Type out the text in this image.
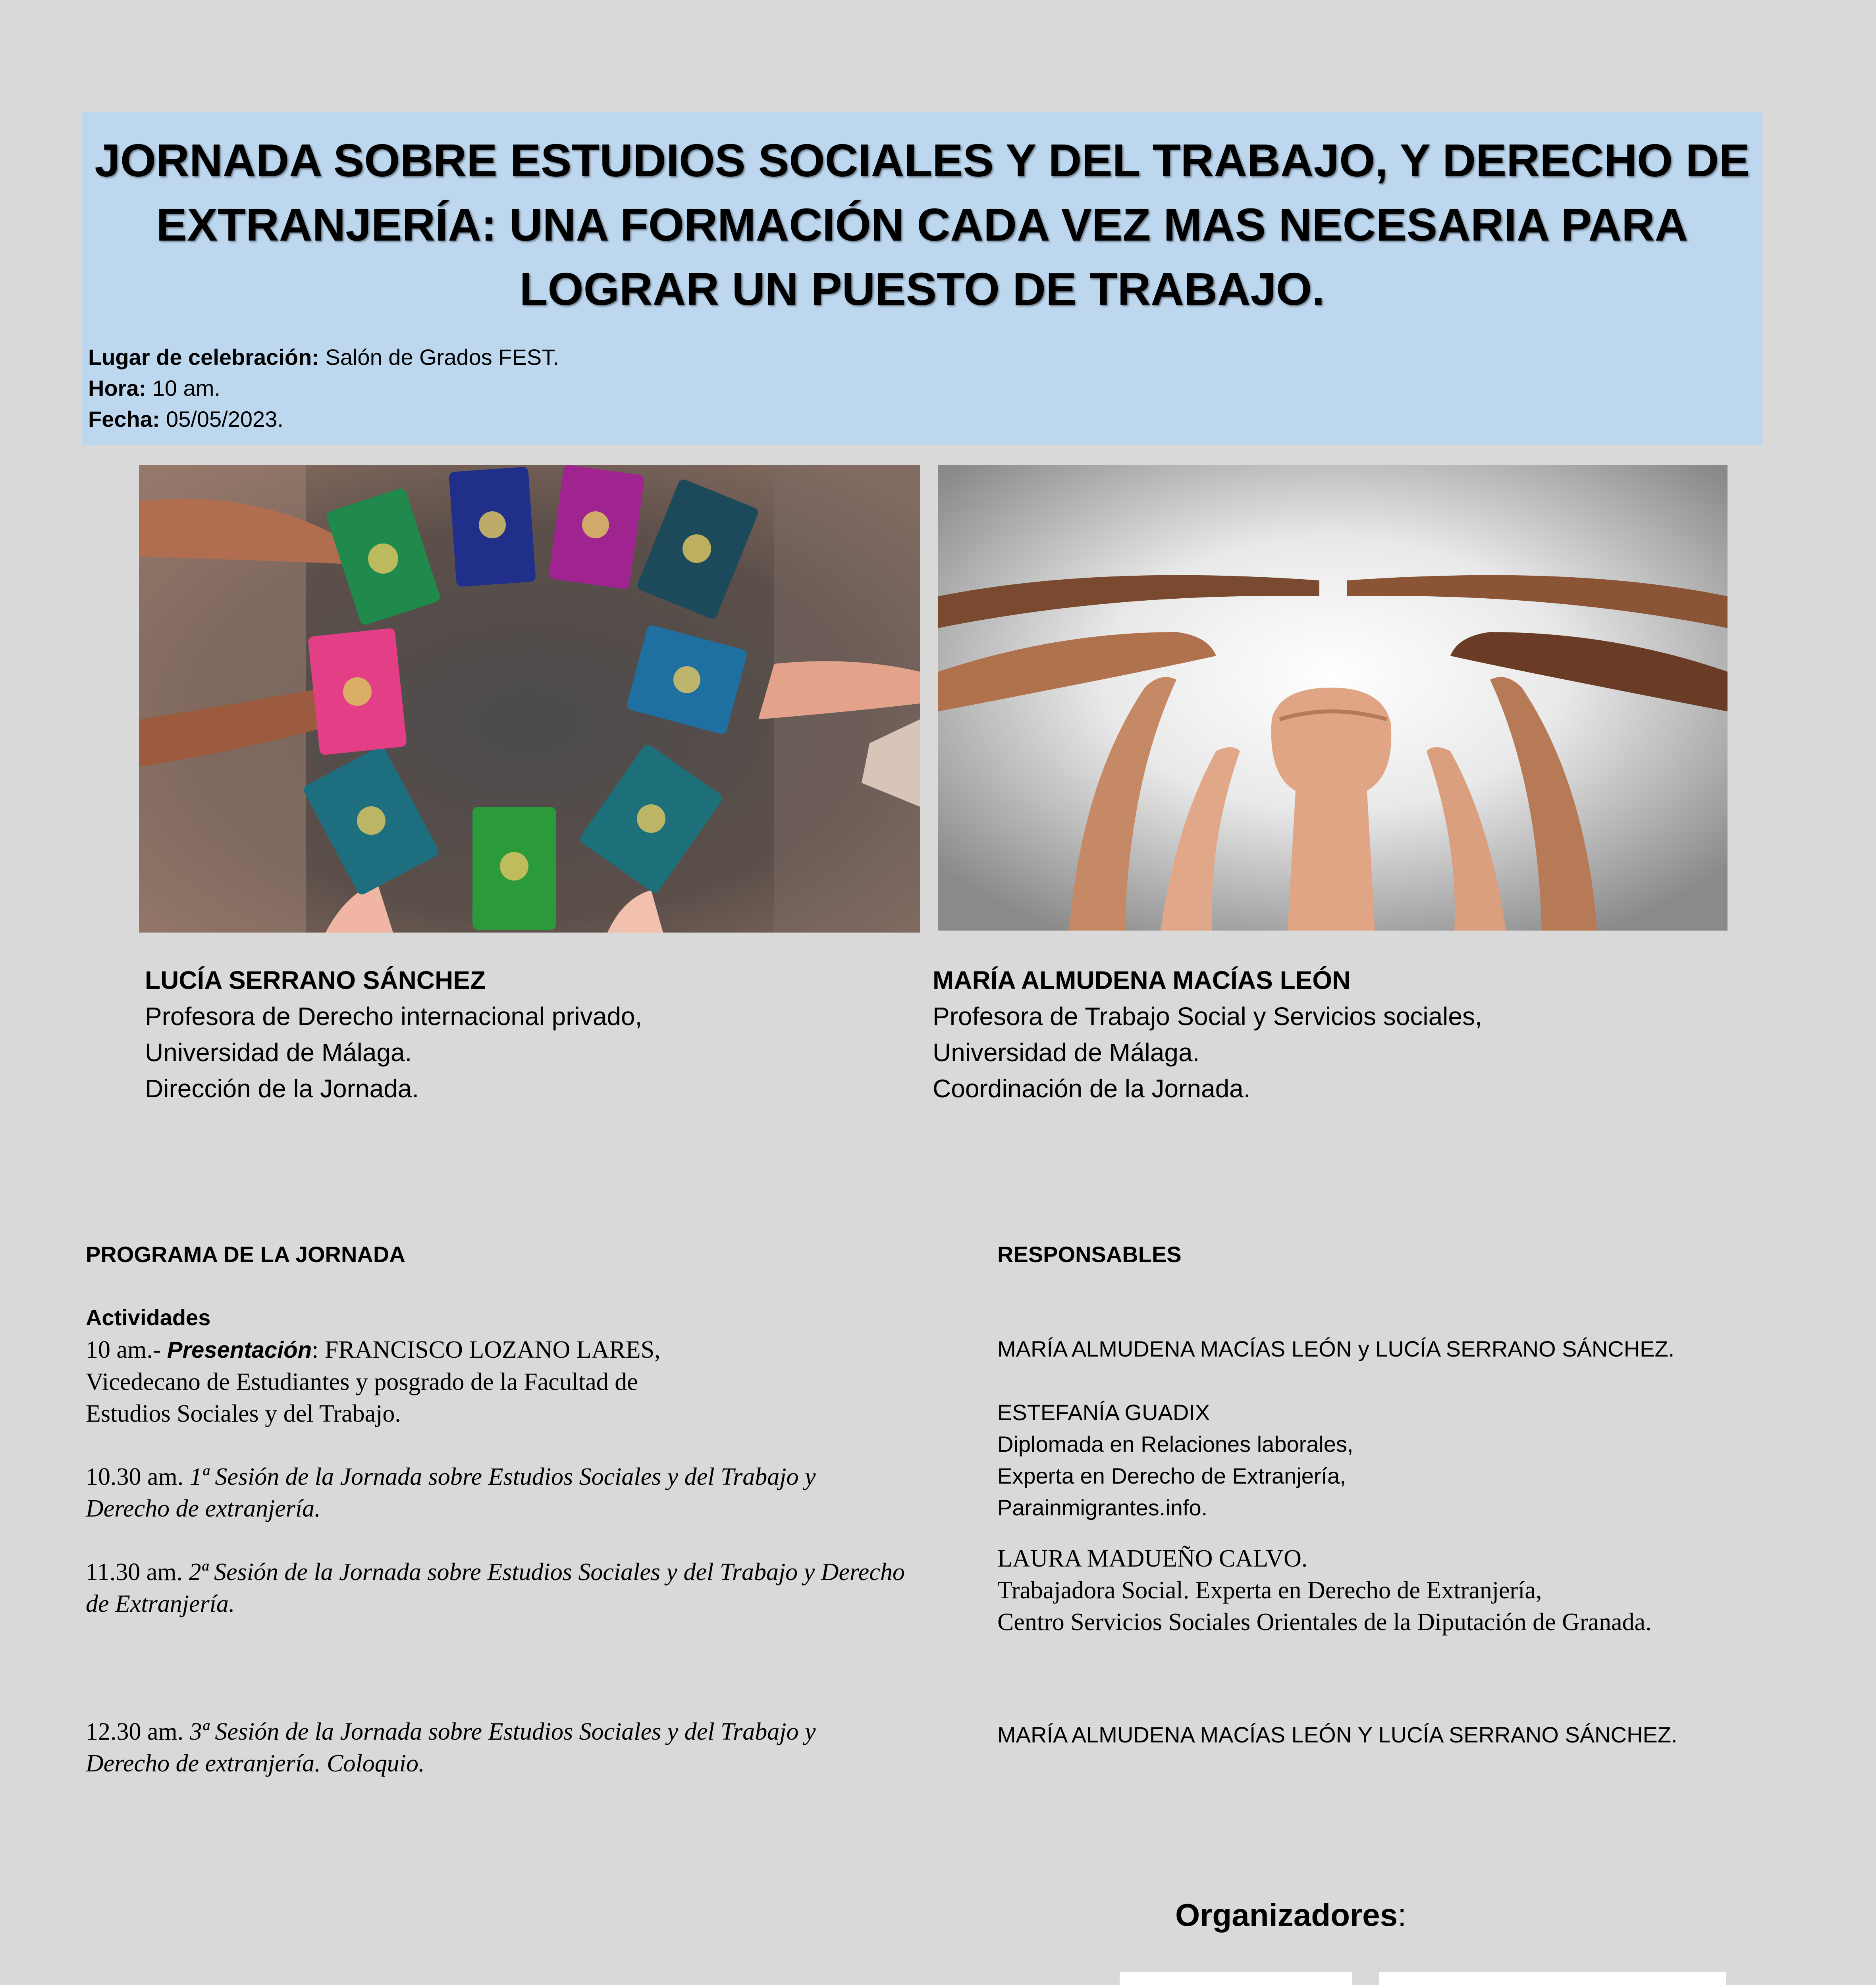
JORNADA SOBRE ESTUDIOS SOCIALES Y DEL TRABAJO, Y DERECHO DE
EXTRANJERÍA: UNA FORMACIÓN CADA VEZ MAS NECESARIA PARA
LOGRAR UN PUESTO DE TRABAJO.
Lugar de celebración: Salón de Grados FEST.
Hora: 10 am.
Fecha: 05/05/2023.
LUCÍA SERRANO SÁNCHEZ
Profesora de Derecho internacional privado,
Universidad de Málaga.
Dirección de la Jornada.
MARÍA ALMUDENA MACÍAS LEÓN
Profesora de Trabajo Social y Servicios sociales,
Universidad de Málaga.
Coordinación de la Jornada.
PROGRAMA DE LA JORNADA	RESPONSABLES
Actividades
10 am.- Presentación: FRANCISCO LOZANO LARES,
Vicedecano de Estudiantes y posgrado de la Facultad de
Estudios Sociales y del Trabajo.
10.30 am. 1ª Sesión de la Jornada sobre Estudios Sociales y del Trabajo y
Derecho de extranjería.
11.30 am. 2ª Sesión de la Jornada sobre Estudios Sociales y del Trabajo y Derecho
de Extranjería.
12.30 am. 3ª Sesión de la Jornada sobre Estudios Sociales y del Trabajo y
Derecho de extranjería. Coloquio.
MARÍA ALMUDENA MACÍAS LEÓN y LUCÍA SERRANO SÁNCHEZ.
ESTEFANÍA GUADIX
Diplomada en Relaciones laborales,
Experta en Derecho de Extranjería,
Parainmigrantes.info.
LAURA MADUEÑO CALVO.
Trabajadora Social. Experta en Derecho de Extranjería,
Centro Servicios Sociales Orientales de la Diputación de Granada.
MARÍA ALMUDENA MACÍAS LEÓN Y LUCÍA SERRANO SÁNCHEZ.
Organizadores:
